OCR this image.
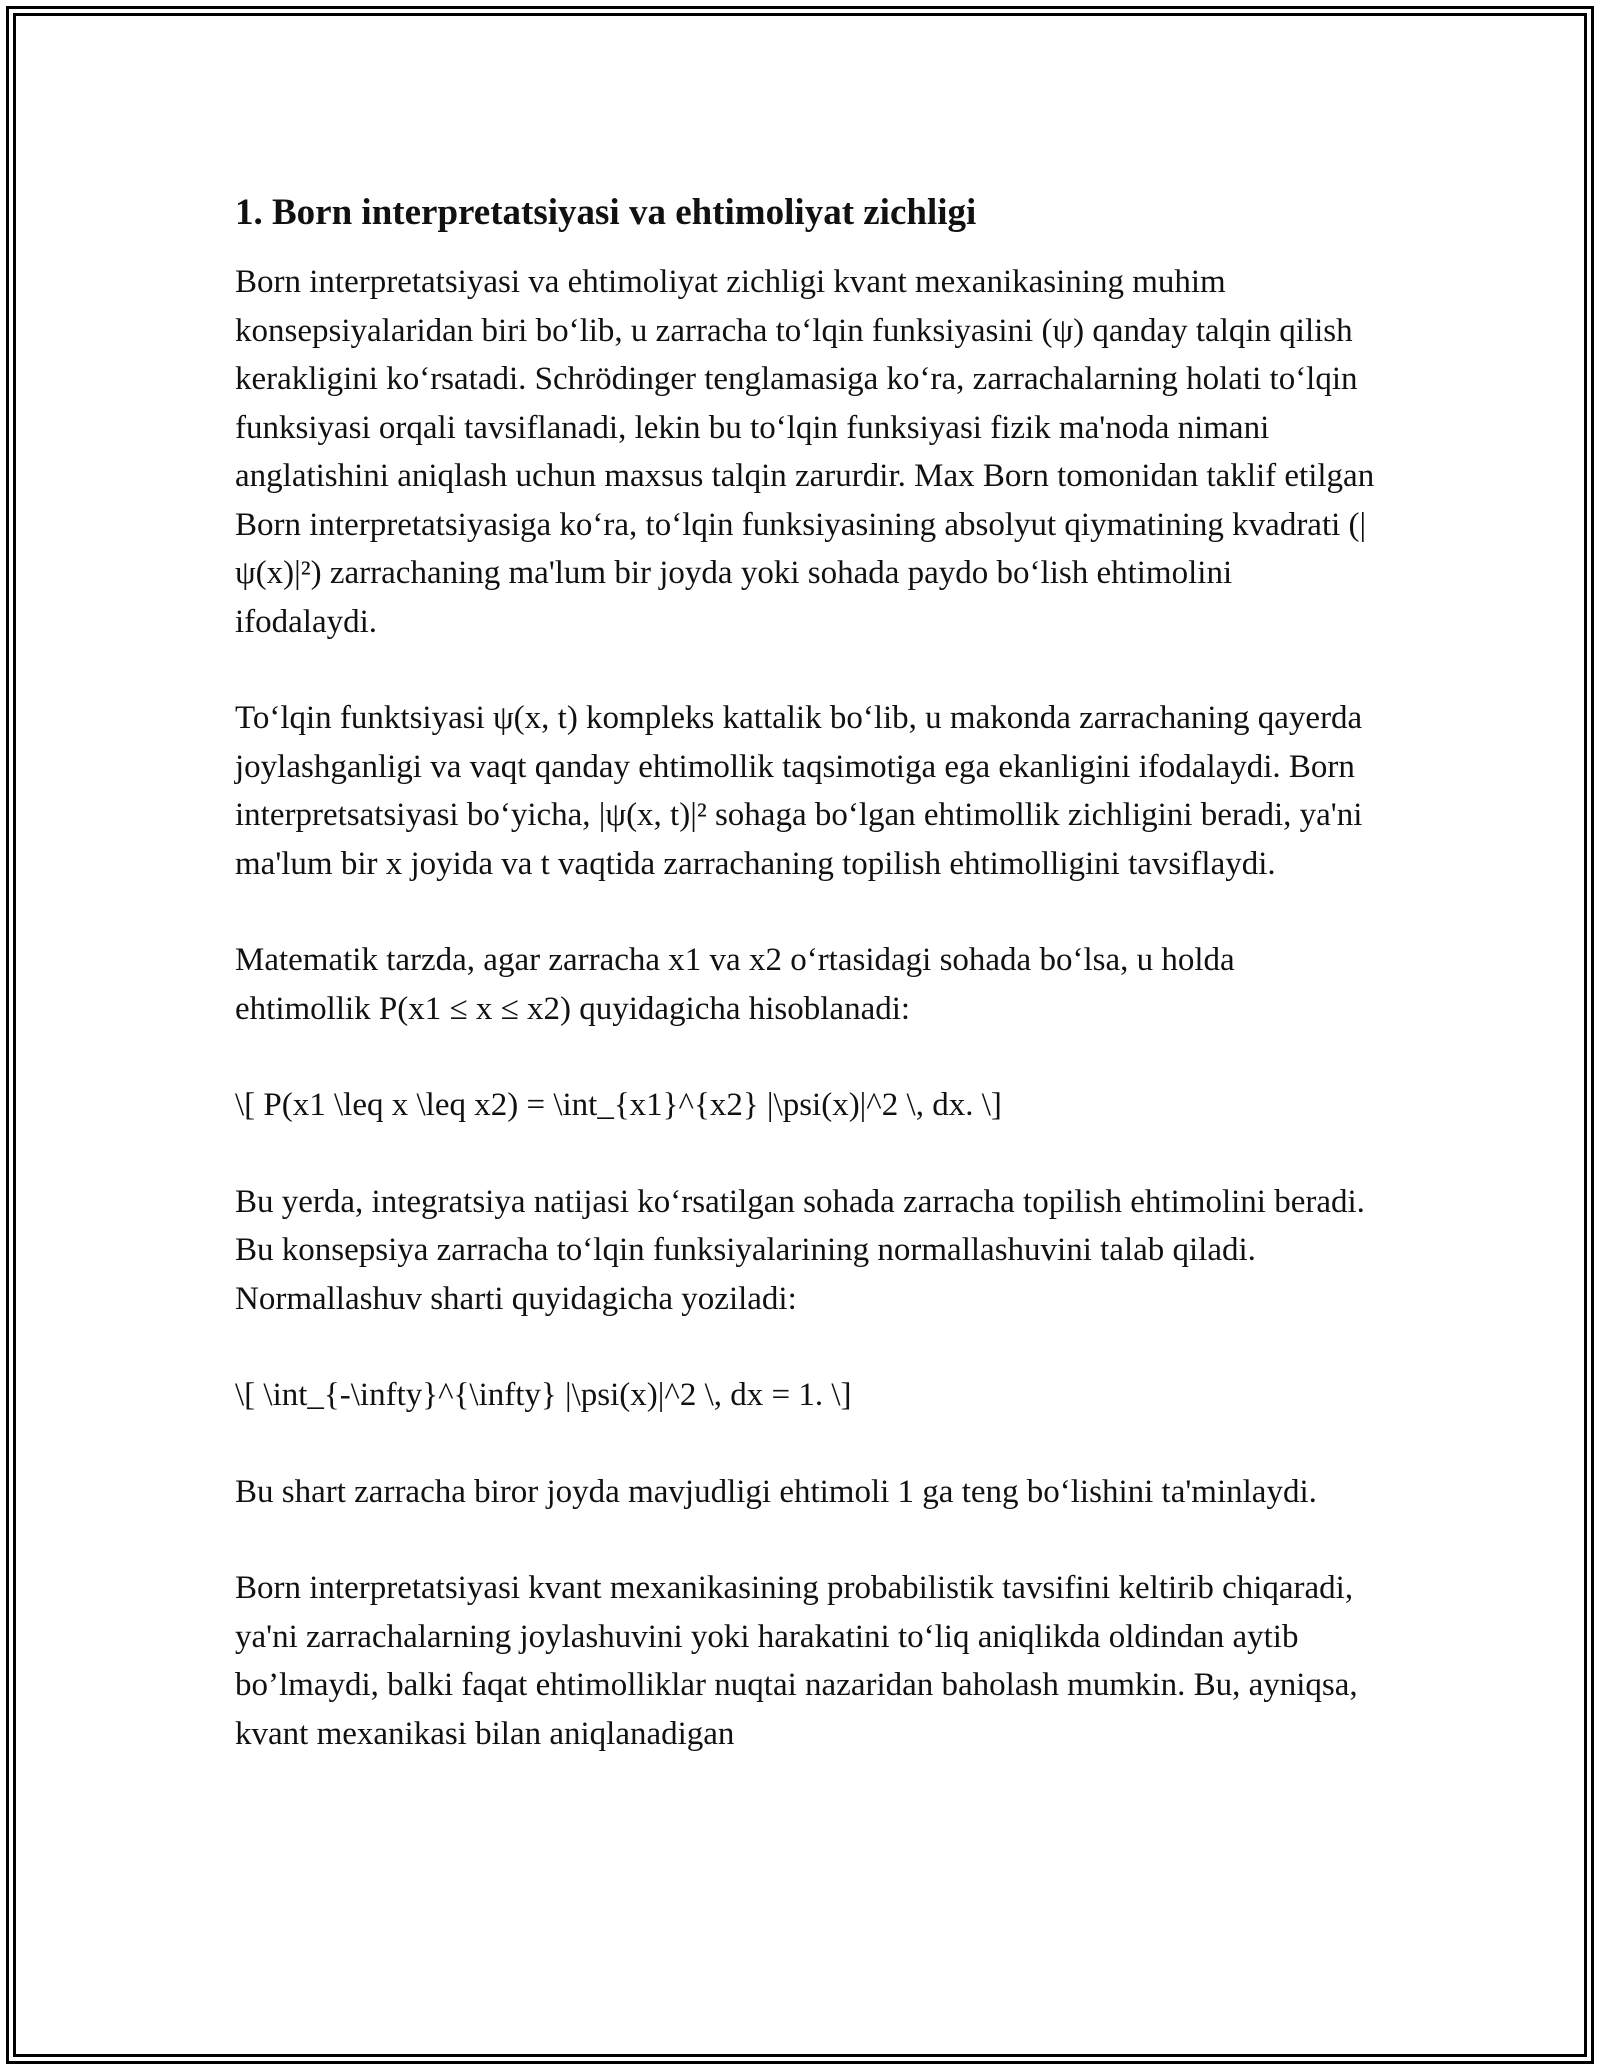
1. Born interpretatsiyasi va ehtimoliyat zichligi

Born interpretatsiyasi va ehtimoliyat zichligi kvant mexanikasining muhim konsepsiyalaridan biri bo‘lib, u zarracha to‘lqin funksiyasini (ψ) qanday talqin qilish kerakligini ko‘rsatadi. Schrödinger tenglamasiga ko‘ra, zarrachalarning holati to‘lqin funksiyasi orqali tavsiflanadi, lekin bu to‘lqin funksiyasi fizik ma'noda nimani anglatishini aniqlash uchun maxsus talqin zarurdir. Max Born tomonidan taklif etilgan Born interpretatsiyasiga ko‘ra, to‘lqin funksiyasining absolyut qiymatining kvadrati (|ψ(x)|²) zarrachaning ma'lum bir joyda yoki sohada paydo bo‘lish ehtimolini ifodalaydi.

To‘lqin funktsiyasi ψ(x, t) kompleks kattalik bo‘lib, u makonda zarrachaning qayerda joylashganligi va vaqt qanday ehtimollik taqsimotiga ega ekanligini ifodalaydi. Born interpretsatsiyasi bo‘yicha, |ψ(x, t)|² sohaga bo‘lgan ehtimollik zichligini beradi, ya'ni ma'lum bir x joyida va t vaqtida zarrachaning topilish ehtimolligini tavsiflaydi.

Matematik tarzda, agar zarracha x1 va x2 o‘rtasidagi sohada bo‘lsa, u holda ehtimollik P(x1 ≤ x ≤ x2) quyidagicha hisoblanadi:

\[ P(x1 \leq x \leq x2) = \int_{x1}^{x2} |\psi(x)|^2 \, dx. \]

Bu yerda, integratsiya natijasi ko‘rsatilgan sohada zarracha topilish ehtimolini beradi. Bu konsepsiya zarracha to‘lqin funksiyalarining normallashuvini talab qiladi. Normallashuv sharti quyidagicha yoziladi:

\[ \int_{-\infty}^{\infty} |\psi(x)|^2 \, dx = 1. \]

Bu shart zarracha biror joyda mavjudligi ehtimoli 1 ga teng bo‘lishini ta'minlaydi.

Born interpretatsiyasi kvant mexanikasining probabilistik tavsifini keltirib chiqaradi, ya'ni zarrachalarning joylashuvini yoki harakatini to‘liq aniqlikda oldindan aytib bo’lmaydi, balki faqat ehtimolliklar nuqtai nazaridan baholash mumkin. Bu, ayniqsa, kvant mexanikasi bilan aniqlanadigan
